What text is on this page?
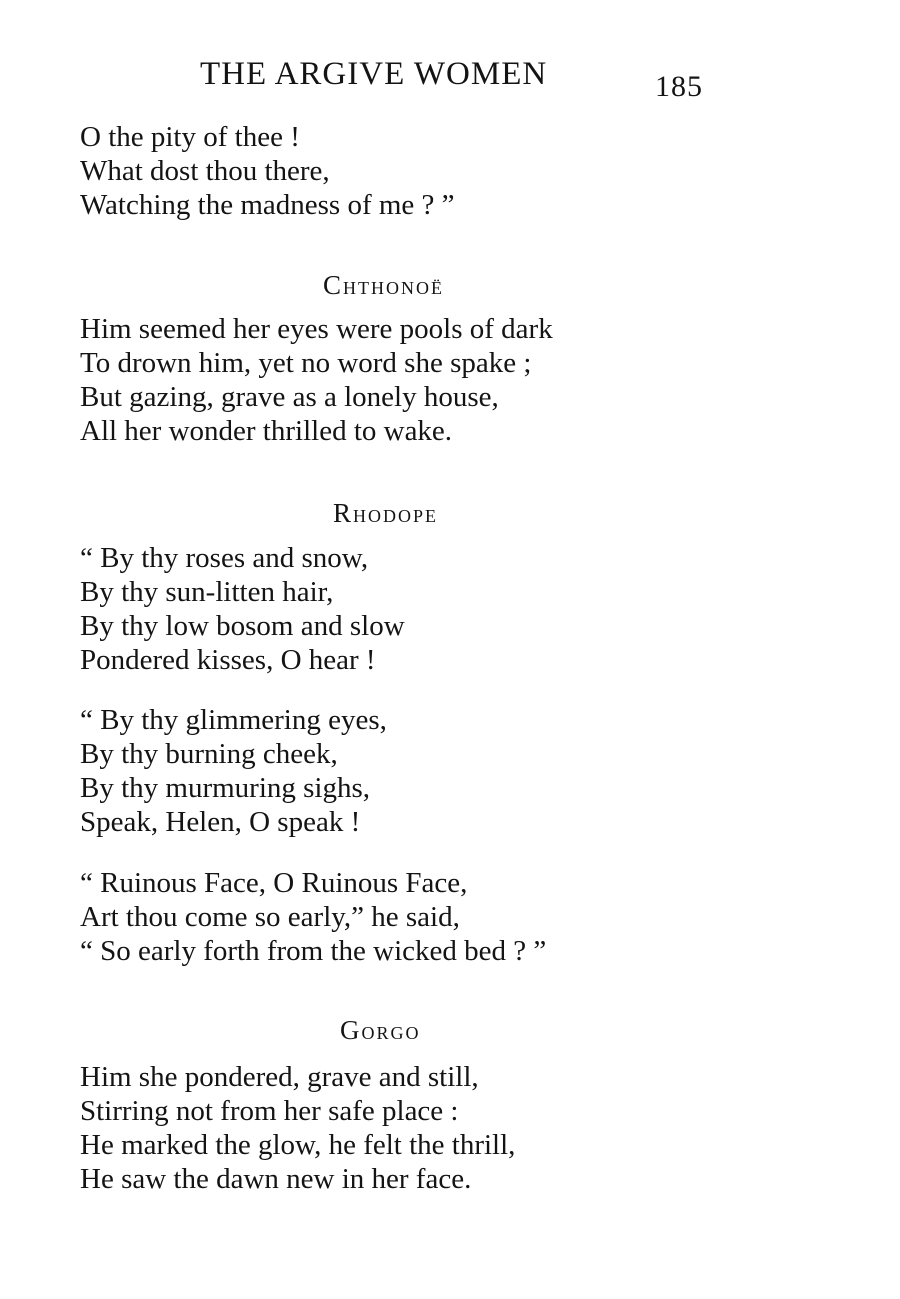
THE ARGIVE WOMEN	185
O the pity of thee !
What dost thou there,
Watching the madness of me ? ”
Chthonoë
Him seemed her eyes were pools of dark
To drown him, yet no word she spake ;
But gazing, grave as a lonely house,
All her wonder thrilled to wake.
Rhodope
“ By thy roses and snow,
By thy sun-litten hair,
By thy low bosom and slow
Pondered kisses, O hear !
“ By thy glimmering eyes,
By thy burning cheek,
By thy murmuring sighs,
Speak, Helen, O speak !
“ Ruinous Face, O Ruinous Face,
Art thou come so early,” he said,
“ So early forth from the wicked bed ? ”
Gorgo
Him she pondered, grave and still,
Stirring not from her safe place :
He marked the glow, he felt the thrill,
He saw the dawn new in her face.
